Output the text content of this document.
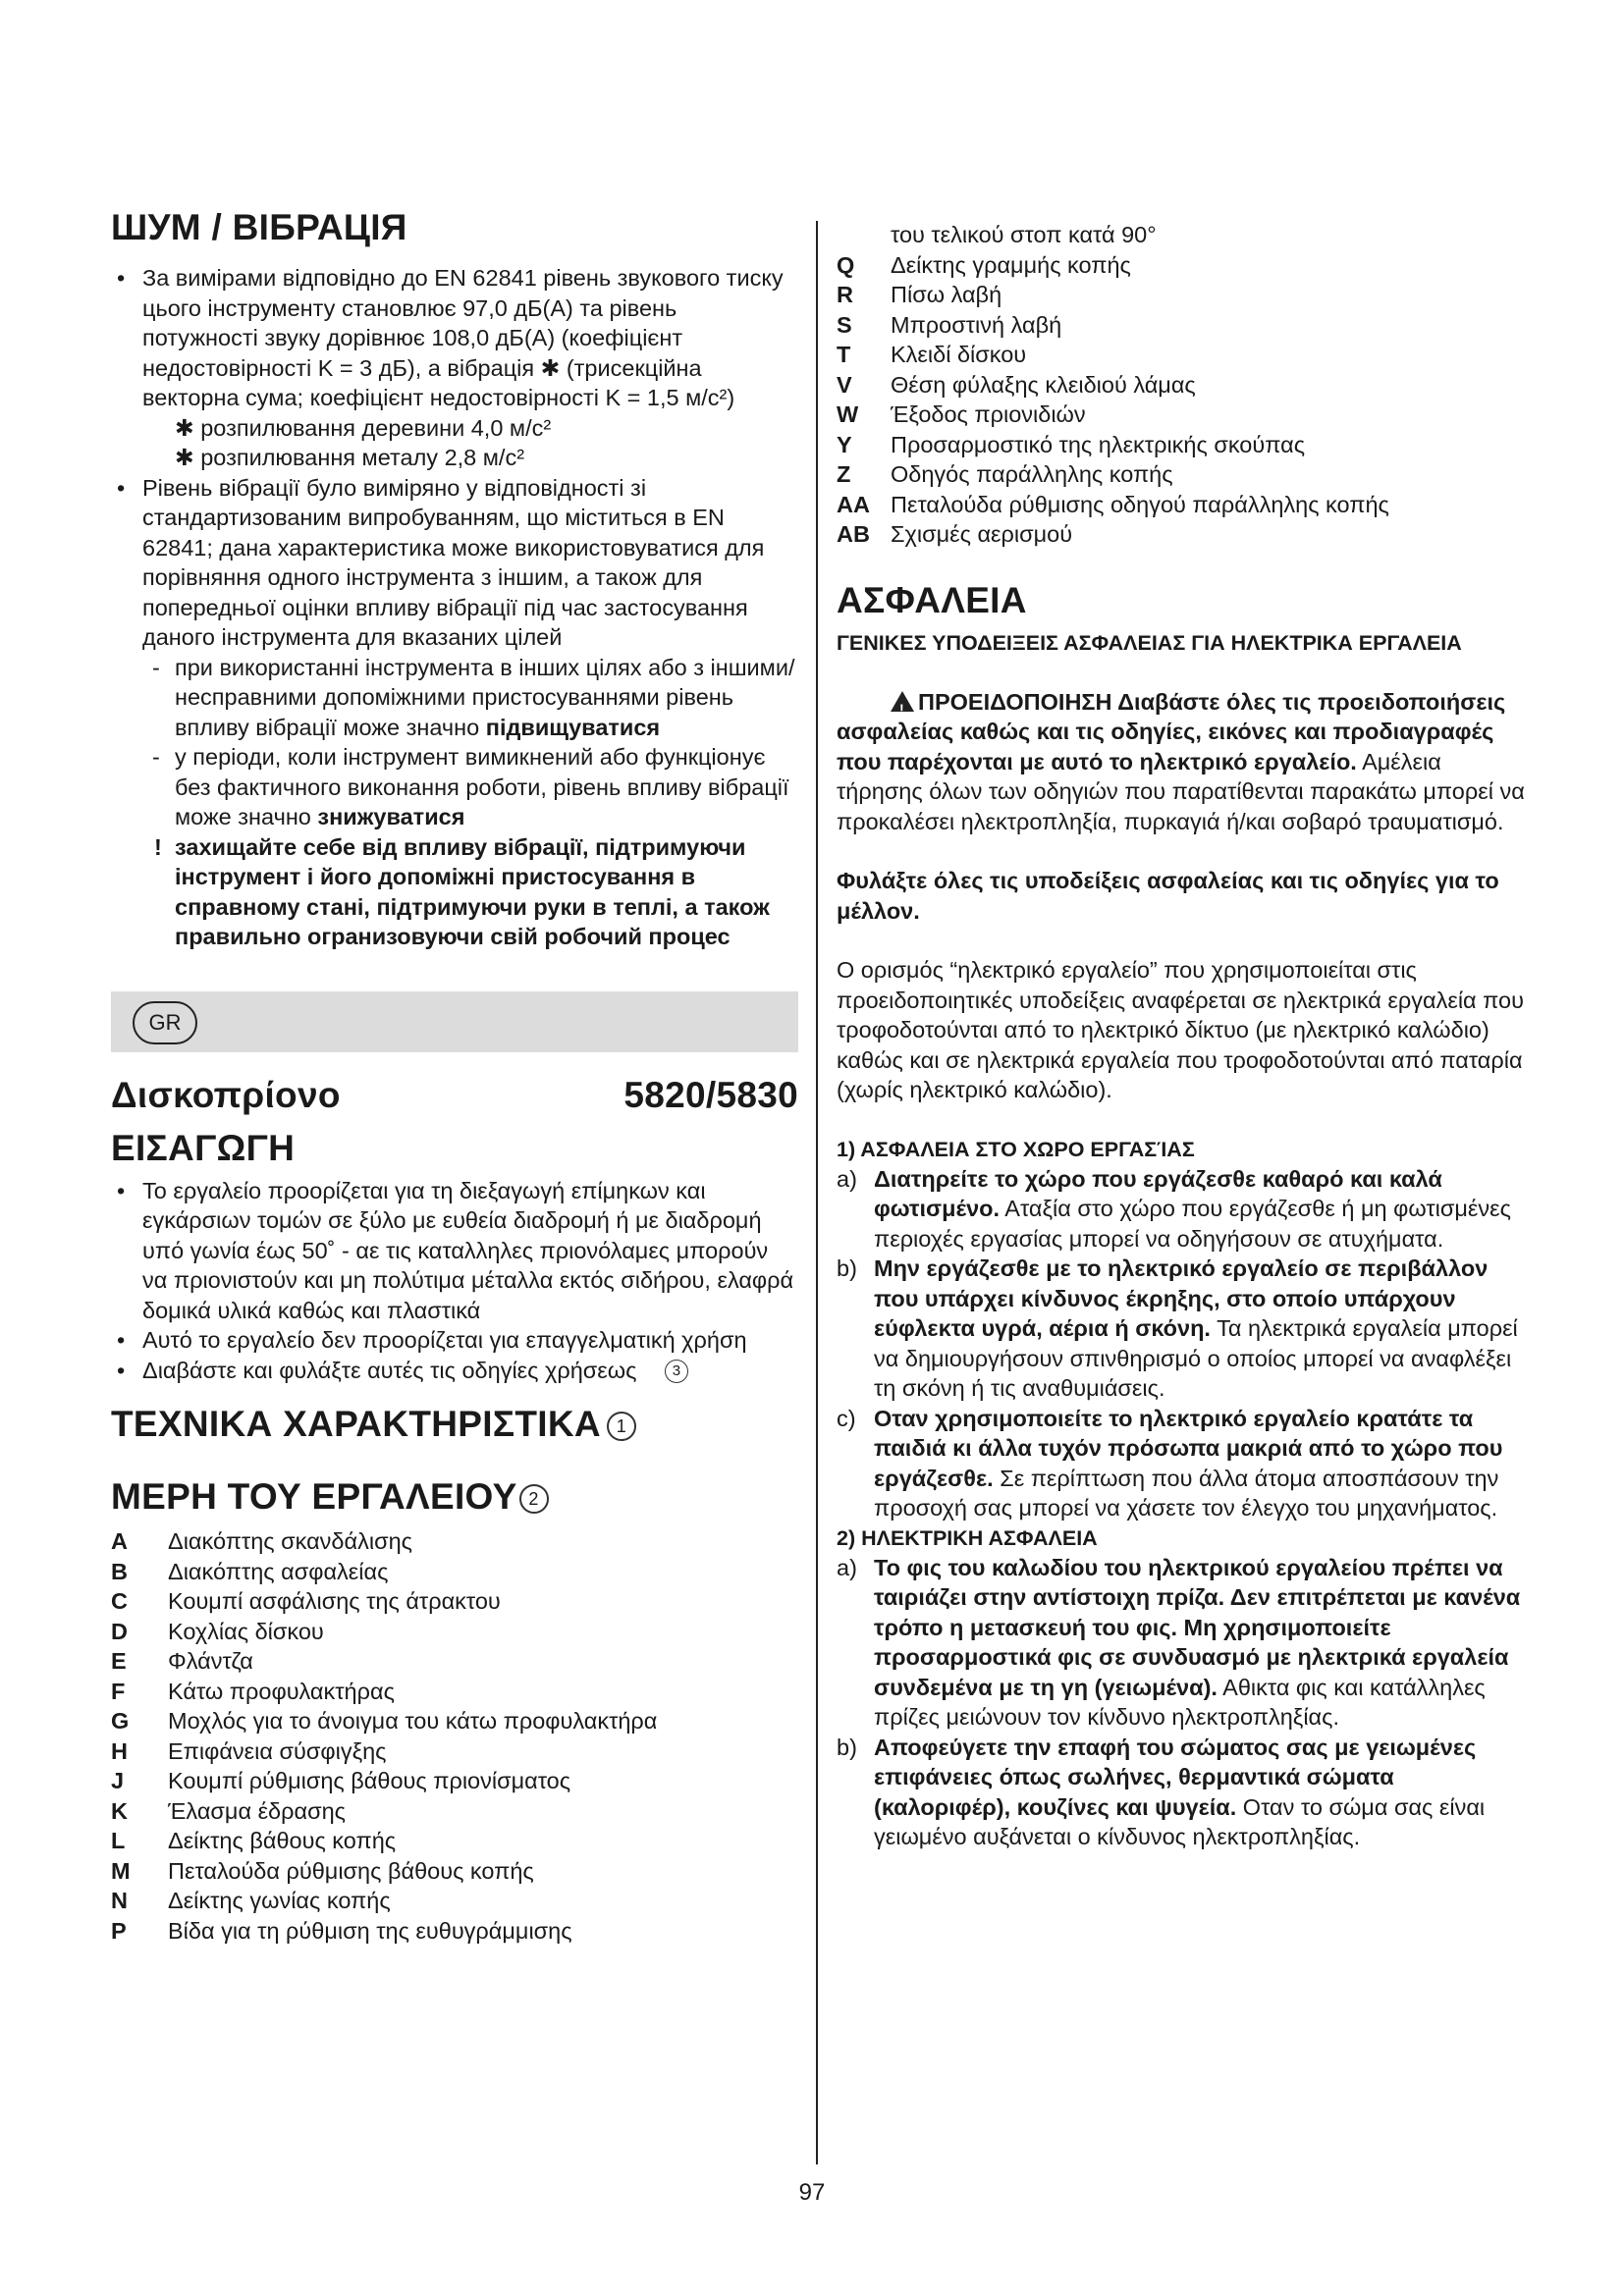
ШУМ / ВІБРАЦІЯ

• За вимірами відповідно до EN 62841 рівень звукового тиску цього інструменту становлює 97,0 дБ(A) та рівень потужності звуку дорівнює 108,0 дБ(A) (коефіцієнт недостовірності K = 3 дБ), а вібрація ✱ (трисекційна векторна сума; коефіцієнт недостовірності K = 1,5 м/c²)

✱ розпилювання деревини 4,0 м/c²

✱ розпилювання металу 2,8 м/c²

• Рівень вібрації було виміряно у відповідності зі стандартизованим випробуванням, що міститься в EN 62841; дана характеристика може використовуватися для порівняння одного інструмента з іншим, а також для попередньої оцінки впливу вібрації під час застосування даного інструмента для вказаних цілей

- при використанні інструмента в інших цілях або з іншими/несправними допоміжними пристосуваннями рівень впливу вібрації може значно підвищуватися

- у періоди, коли інструмент вимикнений або функціонує без фактичного виконання роботи, рівень впливу вібрації може значно знижуватися

! захищайте себе від впливу вібрації, підтримуючи інструмент і його допоміжні пристосування в справному стані, підтримуючи руки в теплі, а також правильно огранизовуючи свій робочий процес

GR
Δισκοπρίονο	5820/5830
ΕΙΣΑΓΩΓΗ

• Το εργαλείο προορίζεται για τη διεξαγωγή επίμηκων και εγκάρσιων τομών σε ξύλο με ευθεία διαδρομή ή με διαδρομή υπό γωνία έως 50˚ - αε τις καταλληλες πριονόλαμες μπορούν να πριονιστούν και μη πολύτιμα μέταλλα εκτός σιδήρου, ελαφρά δομικά υλικά καθώς και πλαστικά

• Αυτό το εργαλείο δεν προορίζεται για επαγγελματική χρήση

• Διαβάστε και φυλάξτε αυτές τις οδηγίες χρήσεως 3

ΤΕΧΝΙΚΑ ΧΑΡΑΚΤΗΡΙΣΤΙΚΑ 1
ΜΕΡΗ ΤΟΥ ΕΡΓΑΛΕΙΟΥ 2
A	Διακόπτης σκανδάλισης
B	Διακόπτης ασφαλείας
C	Κουμπί ασφάλισης της άτρακτου
D	Κοχλίας δίσκου
E	Φλάντζα
F	Κάτω προφυλακτήρας
G	Μοχλός για το άνοιγμα του κάτω προφυλακτήρα
H	Επιφάνεια σύσφιγξης
J	Κουμπί ρύθμισης βάθους πριονίσματος
K	Έλασμα έδρασης
L	Δείκτης βάθους κοπής
M	Πεταλούδα ρύθμισης βάθους κοπής
N	Δείκτης γωνίας κοπής
P	Βίδα για τη ρύθμιση της ευθυγράμμισης

του τελικού στοπ κατά 90°

Q	Δείκτης γραμμής κοπής
R	Πίσω λαβή
S	Μπροστινή λαβή
T	Κλειδί δίσκου
V	Θέση φύλαξης κλειδιού λάμας
W	Έξοδος πριονιδιών
Y	Προσαρμοστικό της ηλεκτρικής σκούπας
Z	Οδηγός παράλληλης κοπής
AA Πεταλούδα ρύθμισης οδηγού παράλληλης κοπής
AB Σχισμές αερισμού
ΑΣΦΑΛΕΙΑ
ΓΕΝΙΚΕΣ ΥΠΟΔΕΙΞΕΙΣ ΑΣΦΑΛΕΙΑΣ ΓΙΑ ΗΛΕΚΤΡΙΚΑ ΕΡΓΑΛΕΙΑ

!ΠΡΟΕΙΔΟΠΟΙΗΣΗ Διαβάστε όλες τις προειδοποιήσεις ασφαλείας καθώς και τις οδηγίες, εικόνες και προδιαγραφές που παρέχονται με αυτό το ηλεκτρικό εργαλείο. Αμέλεια τήρησης όλων των οδηγιών που παρατίθενται παρακάτω μπορεί να προκαλέσει ηλεκτροπληξία, πυρκαγιά ή/και σοβαρό τραυματισμό.

Φυλάξτε όλες τις υποδείξεις ασφαλείας και τις οδηγίες για το μέλλον.

Ο ορισμός “ηλεκτρικό εργαλείο” που χρησιμοποιείται στις προειδοποιητικές υποδείξεις αναφέρεται σε ηλεκτρικά εργαλεία που τροφοδοτούνται από το ηλεκτρικό δίκτυο (με ηλεκτρικό καλώδιο) καθώς και σε ηλεκτρικά εργαλεία που τροφοδοτούνται από παταρία (χωρίς ηλεκτρικό καλώδιο).

1) ΑΣΦΑΛΕΙΑ ΣΤΟ ΧΩΡΟ ΕΡΓΑΣΊΑΣ

a) Διατηρείτε το χώρο που εργάζεσθε καθαρό και καλά φωτισμένο. Αταξία στο χώρο που εργάζεσθε ή μη φωτισμένες περιοχές εργασίας μπορεί να οδηγήσουν σε ατυχήματα.

b) Μην εργάζεσθε με το ηλεκτρικό εργαλείο σε περιβάλλον που υπάρχει κίνδυνος έκρηξης, στο οποίο υπάρχουν εύφλεκτα υγρά, αέρια ή σκόνη. Τα ηλεκτρικά εργαλεία μπορεί να δημιουργήσουν σπινθηρισμό ο οποίος μπορεί να αναφλέξει τη σκόνη ή τις αναθυμιάσεις.

c) Οταν χρησιμοποιείτε το ηλεκτρικό εργαλείο κρατάτε τα παιδιά κι άλλα τυχόν πρόσωπα μακριά από το χώρο που εργάζεσθε. Σε περίπτωση που άλλα άτομα αποσπάσουν την προσοχή σας μπορεί να χάσετε τον έλεγχο του μηχανήματος.

2) ΗΛΕΚΤΡΙΚΗ ΑΣΦΑΛΕΙΑ

a) Το φις του καλωδίου του ηλεκτρικού εργαλείου πρέπει να ταιριάζει στην αντίστοιχη πρίζα. Δεν επιτρέπεται με κανένα τρόπο η μετασκευή του φις. Μη χρησιμοποιείτε προσαρμοστικά φις σε συνδυασμό με ηλεκτρικά εργαλεία συνδεμένα με τη γη (γειωμένα). Αθικτα φις και κατάλληλες πρίζες μειώνουν τον κίνδυνο ηλεκτροπληξίας.

b) Αποφεύγετε την επαφή του σώματος σας με γειωμένες επιφάνειες όπως σωλήνες, θερμαντικά σώματα (καλοριφέρ), κουζίνες και ψυγεία. Οταν το σώμα σας είναι γειωμένο αυξάνεται ο κίνδυνος ηλεκτροπληξίας.

97
